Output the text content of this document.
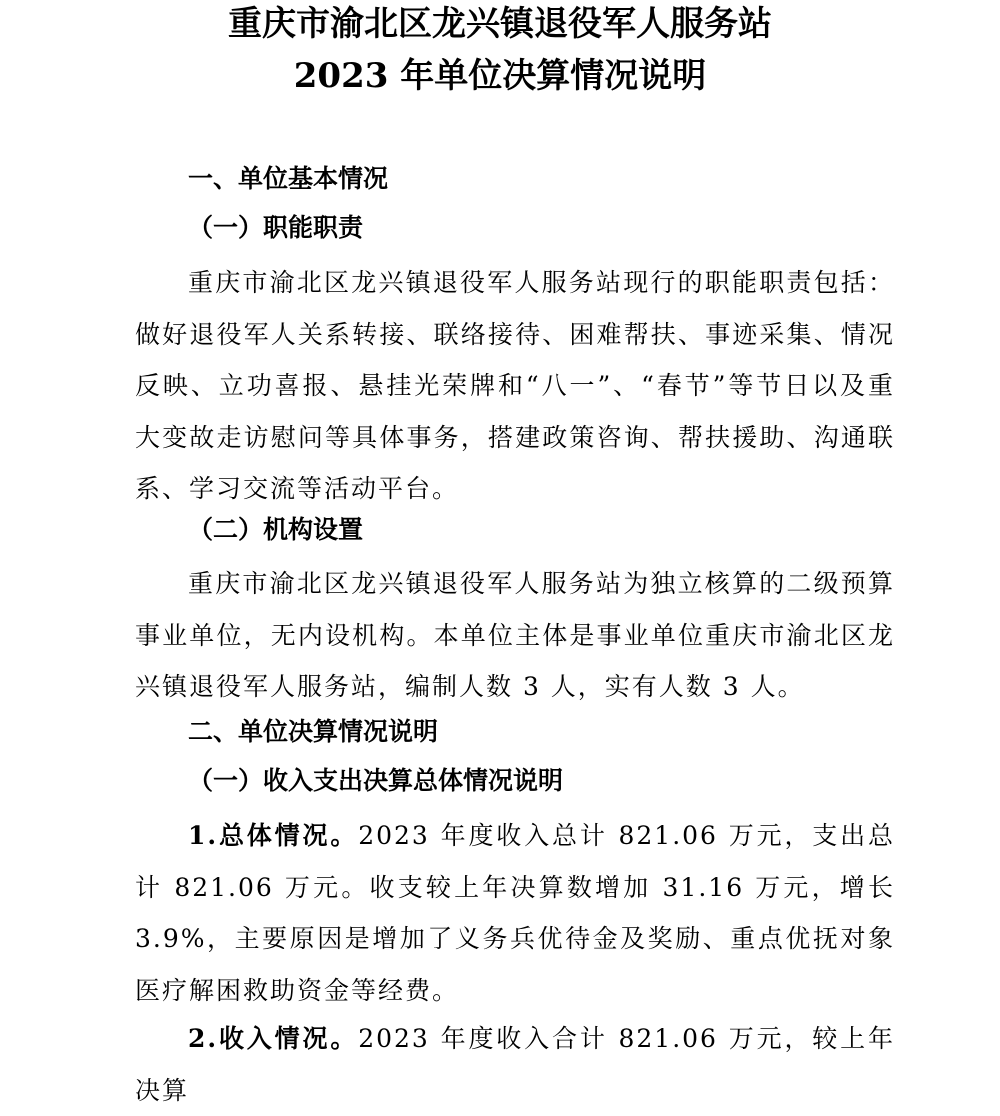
重庆市渝北区龙兴镇退役军人服务站
2023 年单位决算情况说明
一、单位基本情况
（一）职能职责

重庆市渝北区龙兴镇退役军人服务站现行的职能职责包括：做好退役军人关系转接、联络接待、困难帮扶、事迹采集、情况反映、立功喜报、悬挂光荣牌和“八一”、“春节”等节日以及重大变故走访慰问等具体事务，搭建政策咨询、帮扶援助、沟通联系、学习交流等活动平台。

（二）机构设置

重庆市渝北区龙兴镇退役军人服务站为独立核算的二级预算事业单位，无内设机构。本单位主体是事业单位重庆市渝北区龙兴镇退役军人服务站，编制人数 3 人，实有人数 3 人。

二、单位决算情况说明
（一）收入支出决算总体情况说明

1.总体情况。2023 年度收入总计 821.06 万元，支出总计 821.06 万元。收支较上年决算数增加 31.16 万元，增长 3.9%，主要原因是增加了义务兵优待金及奖励、重点优抚对象医疗解困救助资金等经费。

2.收入情况。2023 年度收入合计 821.06 万元，较上年决算
